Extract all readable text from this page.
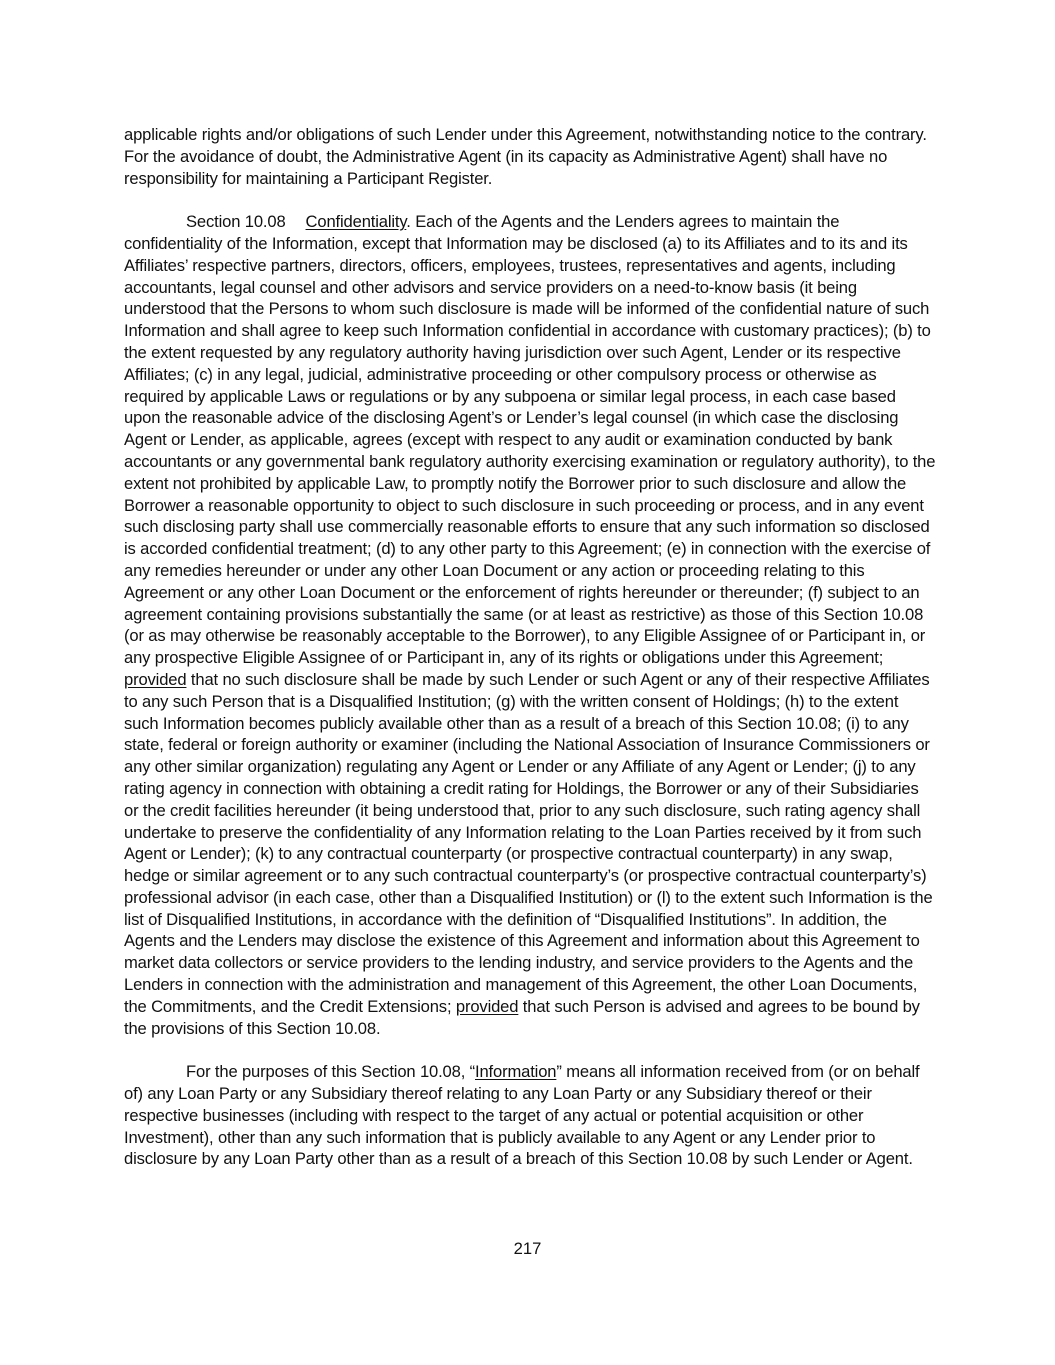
applicable rights and/or obligations of such Lender under this Agreement, notwithstanding notice to the contrary. For the avoidance of doubt, the Administrative Agent (in its capacity as Administrative Agent) shall have no responsibility for maintaining a Participant Register.

Section 10.08 Confidentiality. Each of the Agents and the Lenders agrees to maintain the confidentiality of the Information, except that Information may be disclosed (a) to its Affiliates and to its and its Affiliates’ respective partners, directors, officers, employees, trustees, representatives and agents, including accountants, legal counsel and other advisors and service providers on a need-to-know basis (it being understood that the Persons to whom such disclosure is made will be informed of the confidential nature of such Information and shall agree to keep such Information confidential in accordance with customary practices); (b) to the extent requested by any regulatory authority having jurisdiction over such Agent, Lender or its respective Affiliates; (c) in any legal, judicial, administrative proceeding or other compulsory process or otherwise as required by applicable Laws or regulations or by any subpoena or similar legal process, in each case based upon the reasonable advice of the disclosing Agent’s or Lender’s legal counsel (in which case the disclosing Agent or Lender, as applicable, agrees (except with respect to any audit or examination conducted by bank accountants or any governmental bank regulatory authority exercising examination or regulatory authority), to the extent not prohibited by applicable Law, to promptly notify the Borrower prior to such disclosure and allow the Borrower a reasonable opportunity to object to such disclosure in such proceeding or process, and in any event such disclosing party shall use commercially reasonable efforts to ensure that any such information so disclosed is accorded confidential treatment; (d) to any other party to this Agreement; (e) in connection with the exercise of any remedies hereunder or under any other Loan Document or any action or proceeding relating to this Agreement or any other Loan Document or the enforcement of rights hereunder or thereunder; (f) subject to an agreement containing provisions substantially the same (or at least as restrictive) as those of this Section 10.08 (or as may otherwise be reasonably acceptable to the Borrower), to any Eligible Assignee of or Participant in, or any prospective Eligible Assignee of or Participant in, any of its rights or obligations under this Agreement; provided that no such disclosure shall be made by such Lender or such Agent or any of their respective Affiliates to any such Person that is a Disqualified Institution; (g) with the written consent of Holdings; (h) to the extent such Information becomes publicly available other than as a result of a breach of this Section 10.08; (i) to any state, federal or foreign authority or examiner (including the National Association of Insurance Commissioners or any other similar organization) regulating any Agent or Lender or any Affiliate of any Agent or Lender; (j) to any rating agency in connection with obtaining a credit rating for Holdings, the Borrower or any of their Subsidiaries or the credit facilities hereunder (it being understood that, prior to any such disclosure, such rating agency shall undertake to preserve the confidentiality of any Information relating to the Loan Parties received by it from such Agent or Lender); (k) to any contractual counterparty (or prospective contractual counterparty) in any swap, hedge or similar agreement or to any such contractual counterparty’s (or prospective contractual counterparty’s) professional advisor (in each case, other than a Disqualified Institution) or (l) to the extent such Information is the list of Disqualified Institutions, in accordance with the definition of “Disqualified Institutions”. In addition, the Agents and the Lenders may disclose the existence of this Agreement and information about this Agreement to market data collectors or service providers to the lending industry, and service providers to the Agents and the Lenders in connection with the administration and management of this Agreement, the other Loan Documents, the Commitments, and the Credit Extensions; provided that such Person is advised and agrees to be bound by the provisions of this Section 10.08.

For the purposes of this Section 10.08, “Information” means all information received from (or on behalf of) any Loan Party or any Subsidiary thereof relating to any Loan Party or any Subsidiary thereof or their respective businesses (including with respect to the target of any actual or potential acquisition or other Investment), other than any such information that is publicly available to any Agent or any Lender prior to disclosure by any Loan Party other than as a result of a breach of this Section 10.08 by such Lender or Agent.

217
